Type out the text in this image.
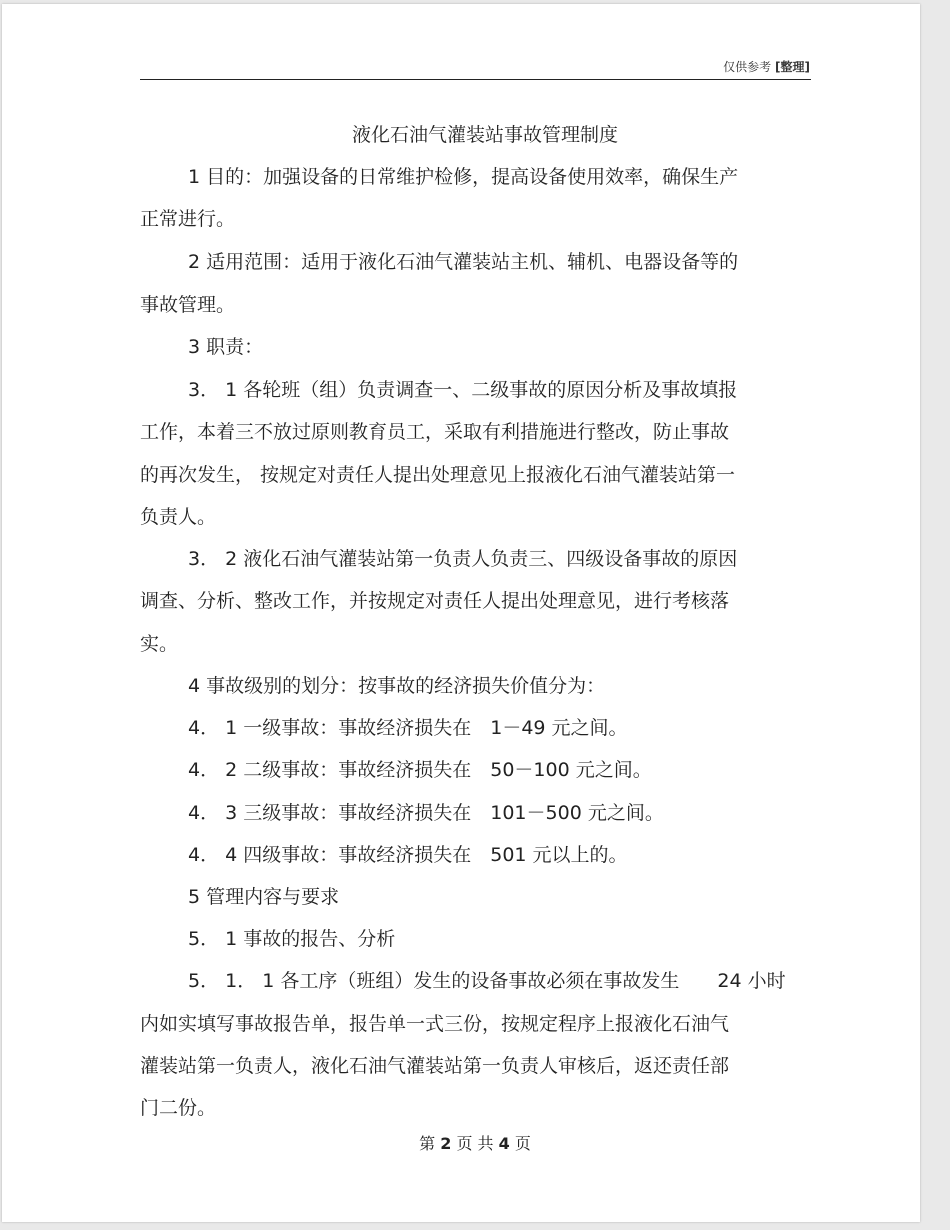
仅供参考 [整理]
液化石油气灌装站事故管理制度
1 目的：加强设备的日常维护检修，提高设备使用效率，确保生产
正常进行。
2 适用范围：适用于液化石油气灌装站主机、辅机、电器设备等的
事故管理。
3 职责：
3． 1 各轮班（组）负责调查一、二级事故的原因分析及事故填报
工作，本着三不放过原则教育员工，采取有利措施进行整改，防止事故
的再次发生， 按规定对责任人提出处理意见上报液化石油气灌装站第一
负责人。
3． 2 液化石油气灌装站第一负责人负责三、四级设备事故的原因
调查、分析、整改工作，并按规定对责任人提出处理意见，进行考核落
实。
4 事故级别的划分：按事故的经济损失价值分为：
4． 1 一级事故：事故经济损失在　1－49 元之间。
4． 2 二级事故：事故经济损失在　50－100 元之间。
4． 3 三级事故：事故经济损失在　101－500 元之间。
4． 4 四级事故：事故经济损失在　501 元以上的。
5 管理内容与要求
5． 1 事故的报告、分析
5． 1． 1 各工序（班组）发生的设备事故必须在事故发生　　24 小时
内如实填写事故报告单，报告单一式三份，按规定程序上报液化石油气
灌装站第一负责人，液化石油气灌装站第一负责人审核后，返还责任部
门二份。
第 2 页 共 4 页
